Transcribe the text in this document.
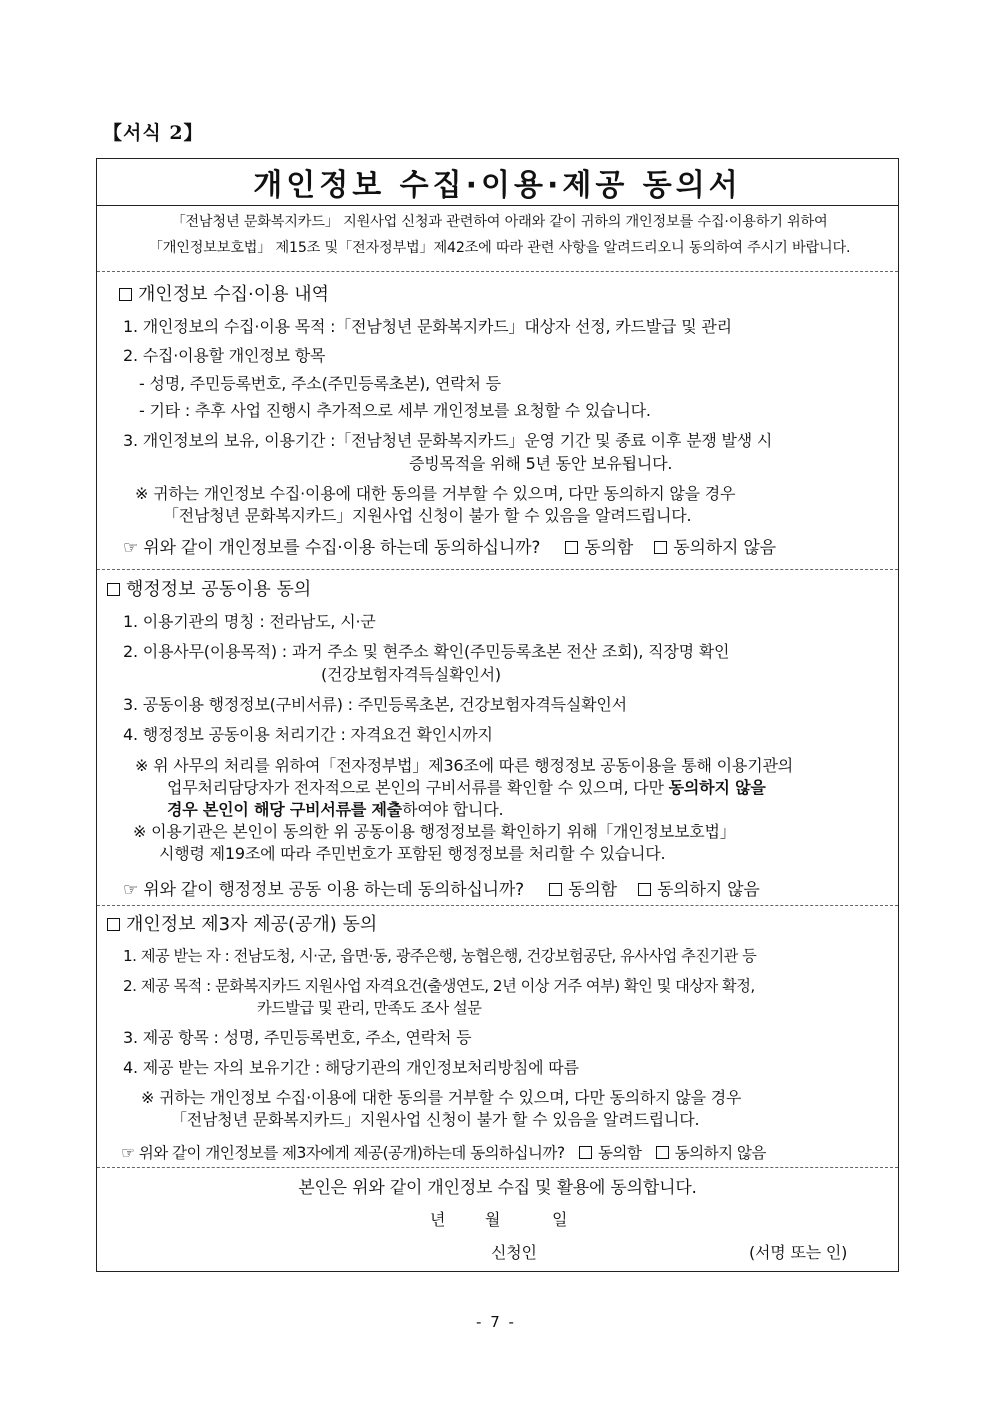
【서식 2】
개인정보 수집·이용·제공 동의서
「전남청년 문화복지카드」 지원사업 신청과 관련하여 아래와 같이 귀하의 개인정보를 수집·이용하기 위하여
「개인정보보호법」 제15조 및「전자정부법」제42조에 따라 관련 사항을 알려드리오니 동의하여 주시기 바랍니다.
개인정보 수집·이용 내역
1. 개인정보의 수집·이용 목적 :「전남청년 문화복지카드」대상자 선정, 카드발급 및 관리
2. 수집·이용할 개인정보 항목
- 성명, 주민등록번호, 주소(주민등록초본), 연락처 등
- 기타 : 추후 사업 진행시 추가적으로 세부 개인정보를 요청할 수 있습니다.
3. 개인정보의 보유, 이용기간 :「전남청년 문화복지카드」운영 기간 및 종료 이후 분쟁 발생 시
증빙목적을 위해 5년 동안 보유됩니다.
※ 귀하는 개인정보 수집·이용에 대한 동의를 거부할 수 있으며, 다만 동의하지 않을 경우
「전남청년 문화복지카드」지원사업 신청이 불가 할 수 있음을 알려드립니다.
☞ 위와 같이 개인정보를 수집·이용 하는데 동의하십니까?	동의함 동의하지 않음
행정정보 공동이용 동의
1. 이용기관의 명칭 : 전라남도, 시·군
2. 이용사무(이용목적) : 과거 주소 및 현주소 확인(주민등록초본 전산 조회), 직장명 확인
(건강보험자격득실확인서)
3. 공동이용 행정정보(구비서류) : 주민등록초본, 건강보험자격득실확인서
4. 행정정보 공동이용 처리기간 : 자격요건 확인시까지
※ 위 사무의 처리를 위하여「전자정부법」제36조에 따른 행정정보 공동이용을 통해 이용기관의
업무처리담당자가 전자적으로 본인의 구비서류를 확인할 수 있으며, 다만 동의하지 않을
경우 본인이 해당 구비서류를 제출하여야 합니다.
※ 이용기관은 본인이 동의한 위 공동이용 행정정보를 확인하기 위해「개인정보보호법」
시행령 제19조에 따라 주민번호가 포함된 행정정보를 처리할 수 있습니다.
☞ 위와 같이 행정정보 공동 이용 하는데 동의하십니까?	동의함 동의하지 않음
개인정보 제3자 제공(공개) 동의
1. 제공 받는 자 : 전남도청, 시·군, 읍면·동, 광주은행, 농협은행, 건강보험공단, 유사사업 추진기관 등
2. 제공 목적 : 문화복지카드 지원사업 자격요건(출생연도, 2년 이상 거주 여부) 확인 및 대상자 확정,
카드발급 및 관리, 만족도 조사 설문
3. 제공 항목 : 성명, 주민등록번호, 주소, 연락처 등
4. 제공 받는 자의 보유기간 : 해당기관의 개인정보처리방침에 따름
※ 귀하는 개인정보 수집·이용에 대한 동의를 거부할 수 있으며, 다만 동의하지 않을 경우
「전남청년 문화복지카드」지원사업 신청이 불가 할 수 있음을 알려드립니다.
☞ 위와 같이 개인정보를 제3자에게 제공(공개)하는데 동의하십니까? 동의함 동의하지 않음
본인은 위와 같이 개인정보 수집 및 활용에 동의합니다.
년 월	일
신청인	(서명 또는 인)
- 7 -
